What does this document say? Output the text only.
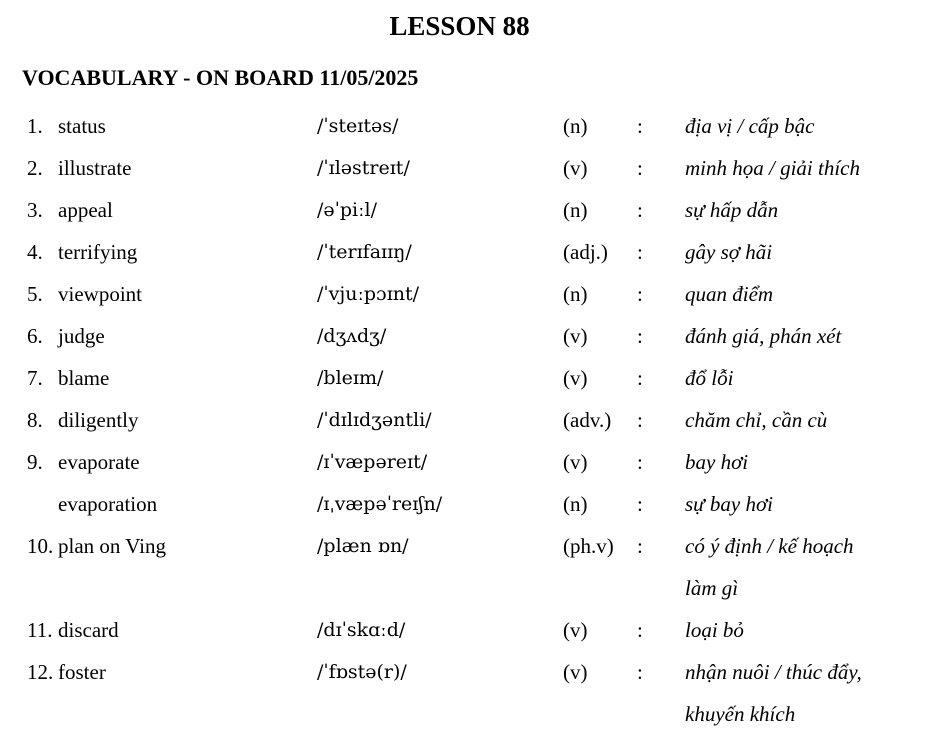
LESSON 88
VOCABULARY - ON BOARD 11/05/2025
1. status	/ˈsteɪtəs/	(n) : địa vị / cấp bậc
2. illustrate	/ˈɪləstreɪt/	(v) : minh họa / giải thích
3. appeal	/əˈpiːl/	(n) : sự hấp dẫn
4. terrifying	/ˈterɪfaɪɪŋ/	(adj.) : gây sợ hãi
5. viewpoint	/ˈvjuːpɔɪnt/	(n) : quan điểm
6. judge	/dʒʌdʒ/	(v) : đánh giá, phán xét
7. blame	/bleɪm/	(v) : đổ lỗi
8. diligently	/ˈdɪlɪdʒəntli/	(adv.) : chăm chỉ, cần cù
9. evaporate	/ɪˈvæpəreɪt/	(v) : bay hơi
evaporation	/ɪˌvæpəˈreɪʃn/	(n) : sự bay hơi
10. plan on Ving	/plæn ɒn/	(ph.v) : có ý định / kế hoạch
làm gì
11. discard	/dɪˈskɑːd/	(v) : loại bỏ
12. foster	/ˈfɒstə(r)/	(v) : nhận nuôi / thúc đẩy,
khuyến khích
